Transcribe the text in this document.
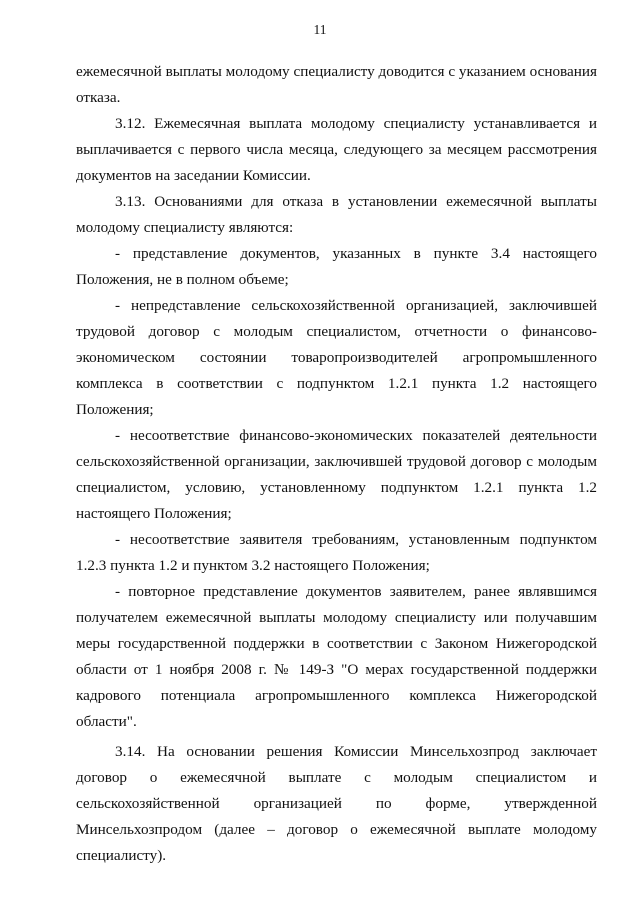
11
ежемесячной выплаты молодому специалисту доводится с указанием основания
отказа.
3.12. Ежемесячная выплата молодому специалисту устанавливается и
выплачивается с первого числа месяца, следующего за месяцем рассмотрения
документов на заседании Комиссии.
3.13. Основаниями для отказа в установлении ежемесячной выплаты
молодому специалисту являются:
- представление документов, указанных в пункте 3.4 настоящего
Положения, не в полном объеме;
- непредставление сельскохозяйственной организацией, заключившей
трудовой договор с молодым специалистом, отчетности о финансово-
экономическом состоянии товаропроизводителей агропромышленного
комплекса в соответствии с подпунктом 1.2.1 пункта 1.2 настоящего
Положения;
- несоответствие финансово-экономических показателей деятельности
сельскохозяйственной организации, заключившей трудовой договор с молодым
специалистом, условию, установленному подпунктом 1.2.1 пункта 1.2
настоящего Положения;
- несоответствие заявителя требованиям, установленным подпунктом
1.2.3 пункта 1.2 и пунктом 3.2 настоящего Положения;
- повторное представление документов заявителем, ранее являвшимся
получателем ежемесячной выплаты молодому специалисту или получавшим
меры государственной поддержки в соответствии с Законом Нижегородской
области от 1 ноября 2008 г. № 149-З "О мерах государственной поддержки
кадрового потенциала агропромышленного комплекса Нижегородской
области".
3.14. На основании решения Комиссии Минсельхозпрод заключает
договор о ежемесячной выплате с молодым специалистом и
сельскохозяйственной организацией по форме, утвержденной
Минсельхозпродом (далее – договор о ежемесячной выплате молодому
специалисту).
